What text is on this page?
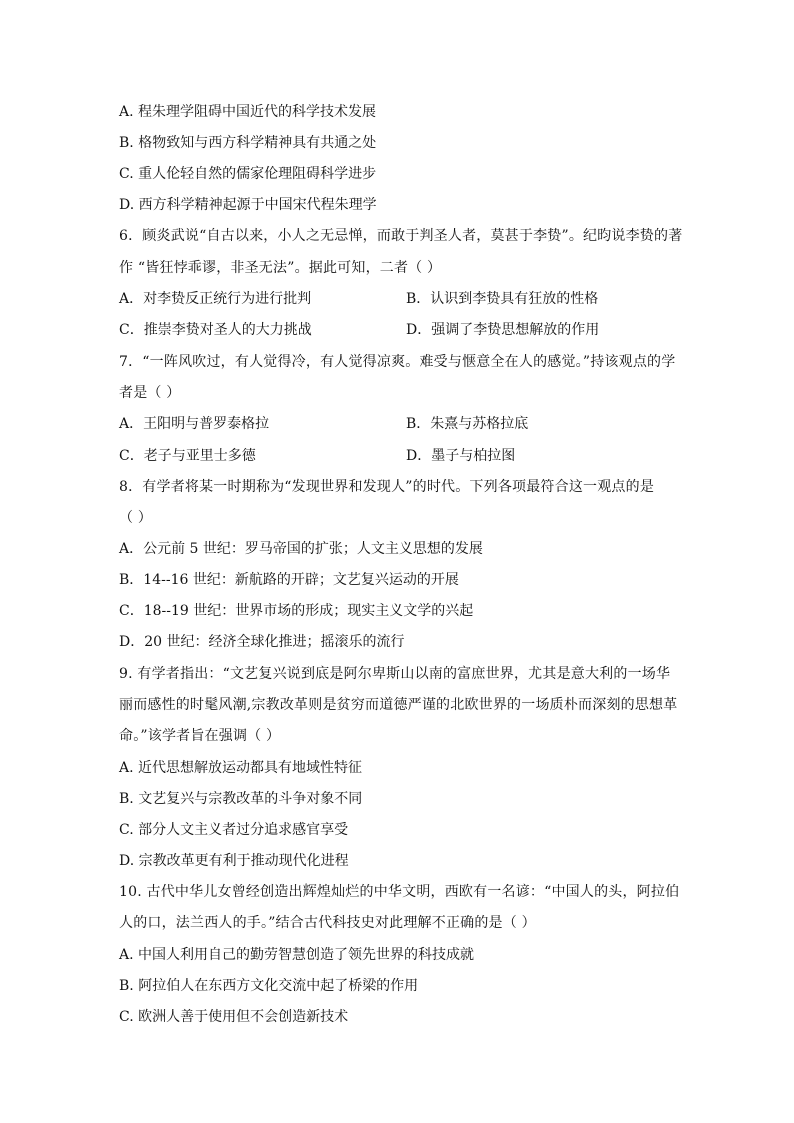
A. 程朱理学阻碍中国近代的科学技术发展
B. 格物致知与西方科学精神具有共通之处
C. 重人伦轻自然的儒家伦理阻碍科学进步
D. 西方科学精神起源于中国宋代程朱理学
6．顾炎武说“自古以来，小人之无忌惮，而敢于判圣人者，莫甚于李贽”。纪昀说李贽的著
作 “皆狂悖乖谬，非圣无法”。据此可知，二者（ ）
A．对李贽反正统行为进行批判	B．认识到李贽具有狂放的性格
C．推崇李贽对圣人的大力挑战	D．强调了李贽思想解放的作用
7．“一阵风吹过，有人觉得冷，有人觉得凉爽。难受与惬意全在人的感觉。”持该观点的学
者是（ ）
A．王阳明与普罗泰格拉	B．朱熹与苏格拉底
C．老子与亚里士多德	D．墨子与柏拉图
8．有学者将某一时期称为“发现世界和发现人”的时代。下列各项最符合这一观点的是
（ ）
A．公元前 5 世纪：罗马帝国的扩张；人文主义思想的发展
B．14--16 世纪：新航路的开辟；文艺复兴运动的开展
C．18--19 世纪：世界市场的形成；现实主义文学的兴起
D．20 世纪：经济全球化推进；摇滚乐的流行
9. 有学者指出：“文艺复兴说到底是阿尔卑斯山以南的富庶世界，尤其是意大利的一场华
丽而感性的时髦风潮,宗教改革则是贫穷而道德严谨的北欧世界的一场质朴而深刻的思想革
命。”该学者旨在强调（ ）
A. 近代思想解放运动都具有地域性特征
B. 文艺复兴与宗教改革的斗争对象不同
C. 部分人文主义者过分追求感官享受
D. 宗教改革更有利于推动现代化进程
10. 古代中华儿女曾经创造出辉煌灿烂的中华文明，西欧有一名谚：“中国人的头，阿拉伯
人的口，法兰西人的手。”结合古代科技史对此理解不正确的是（ ）
A. 中国人利用自己的勤劳智慧创造了领先世界的科技成就
B. 阿拉伯人在东西方文化交流中起了桥梁的作用
C. 欧洲人善于使用但不会创造新技术
